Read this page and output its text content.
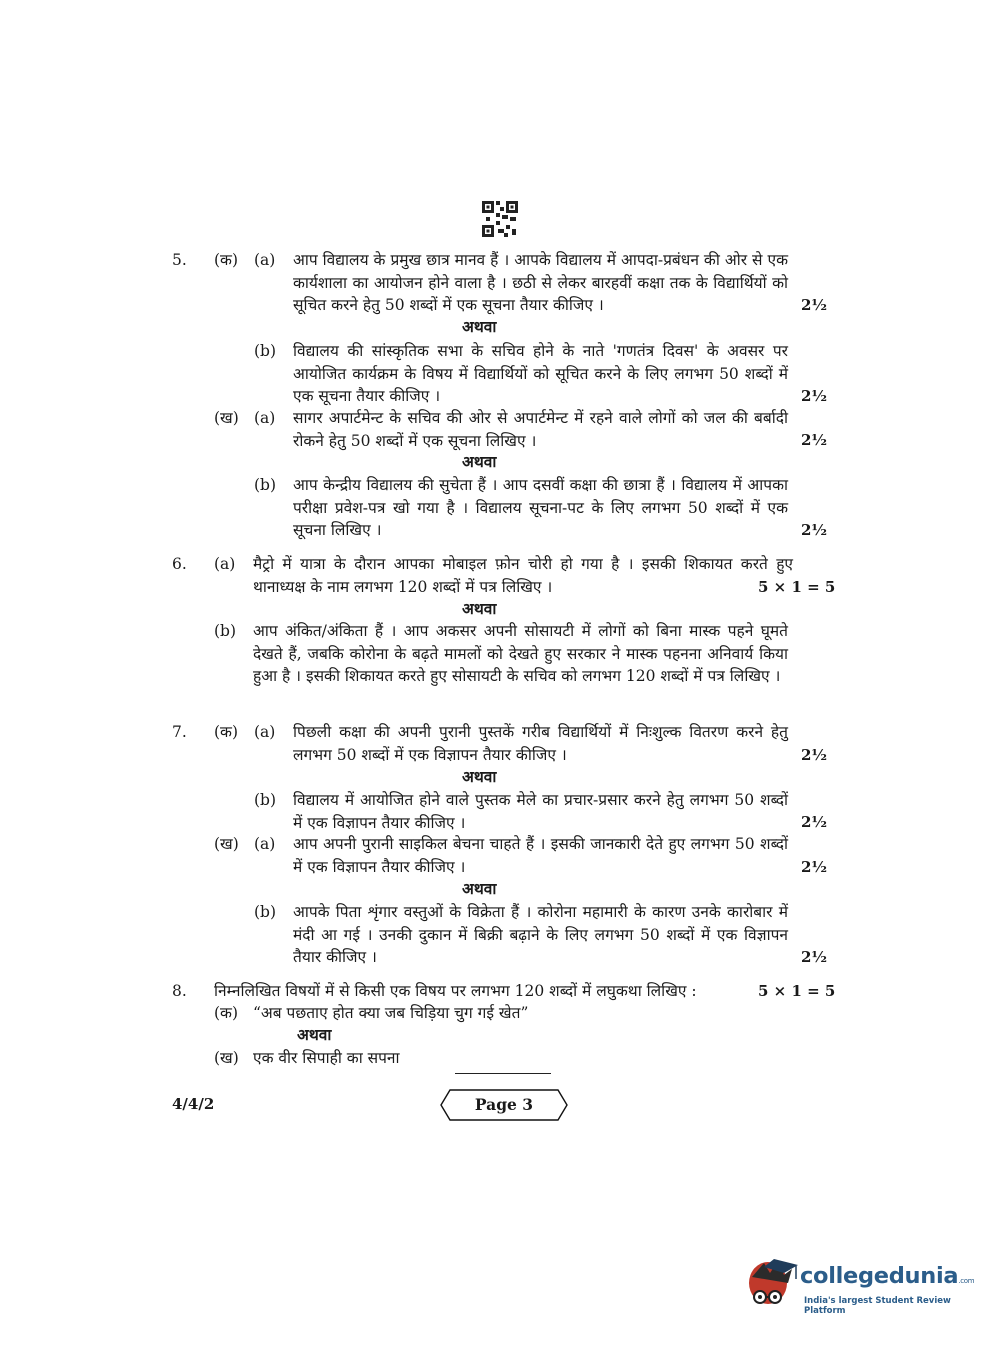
5. (क) (a) आप विद्यालय के प्रमुख छात्र मानव हैं । आपके विद्यालय में आपदा-प्रबंधन की ओर से एक कार्यशाला का आयोजन होने वाला है । छठी से लेकर बारहवीं कक्षा तक के विद्यार्थियों को सूचित करने हेतु 50 शब्दों में एक सूचना तैयार कीजिए ।	2½
अथवा
(b) विद्यालय की सांस्कृतिक सभा के सचिव होने के नाते 'गणतंत्र दिवस' के अवसर पर आयोजित कार्यक्रम के विषय में विद्यार्थियों को सूचित करने के लिए लगभग 50 शब्दों में एक सूचना तैयार कीजिए ।	2½
(ख) (a) सागर अपार्टमेन्ट के सचिव की ओर से अपार्टमेन्ट में रहने वाले लोगों को जल की बर्बादी रोकने हेतु 50 शब्दों में एक सूचना लिखिए ।	2½
अथवा
(b) आप केन्द्रीय विद्यालय की सुचेता हैं । आप दसवीं कक्षा की छात्रा हैं । विद्यालय में आपका परीक्षा प्रवेश-पत्र खो गया है । विद्यालय सूचना-पट के लिए लगभग 50 शब्दों में एक सूचना लिखिए ।	2½
6. (a) मैट्रो में यात्रा के दौरान आपका मोबाइल फ़ोन चोरी हो गया है । इसकी शिकायत करते हुए थानाध्यक्ष के नाम लगभग 120 शब्दों में पत्र लिखिए ।	5 × 1 = 5
अथवा
(b) आप अंकित/अंकिता हैं । आप अकसर अपनी सोसायटी में लोगों को बिना मास्क पहने घूमते देखते हैं, जबकि कोरोना के बढ़ते मामलों को देखते हुए सरकार ने मास्क पहनना अनिवार्य किया हुआ है । इसकी शिकायत करते हुए सोसायटी के सचिव को लगभग 120 शब्दों में पत्र लिखिए ।
7. (क) (a) पिछली कक्षा की अपनी पुरानी पुस्तकें गरीब विद्यार्थियों में निःशुल्क वितरण करने हेतु लगभग 50 शब्दों में एक विज्ञापन तैयार कीजिए ।	2½
अथवा
(b) विद्यालय में आयोजित होने वाले पुस्तक मेले का प्रचार-प्रसार करने हेतु लगभग 50 शब्दों में एक विज्ञापन तैयार कीजिए ।	2½
(ख) (a) आप अपनी पुरानी साइकिल बेचना चाहते हैं । इसकी जानकारी देते हुए लगभग 50 शब्दों में एक विज्ञापन तैयार कीजिए ।	2½
अथवा
(b) आपके पिता शृंगार वस्तुओं के विक्रेता हैं । कोरोना महामारी के कारण उनके कारोबार में मंदी आ गई । उनकी दुकान में बिक्री बढ़ाने के लिए लगभग 50 शब्दों में एक विज्ञापन तैयार कीजिए ।	2½
8. निम्नलिखित विषयों में से किसी एक विषय पर लगभग 120 शब्दों में लघुकथा लिखिए :	5 × 1 = 5
(क) “अब पछताए होत क्या जब चिड़िया चुग गई खेत”
अथवा
(ख) एक वीर सिपाही का सपना
4/4/2	Page 3
collegedunia.com
India's largest Student Review Platform
